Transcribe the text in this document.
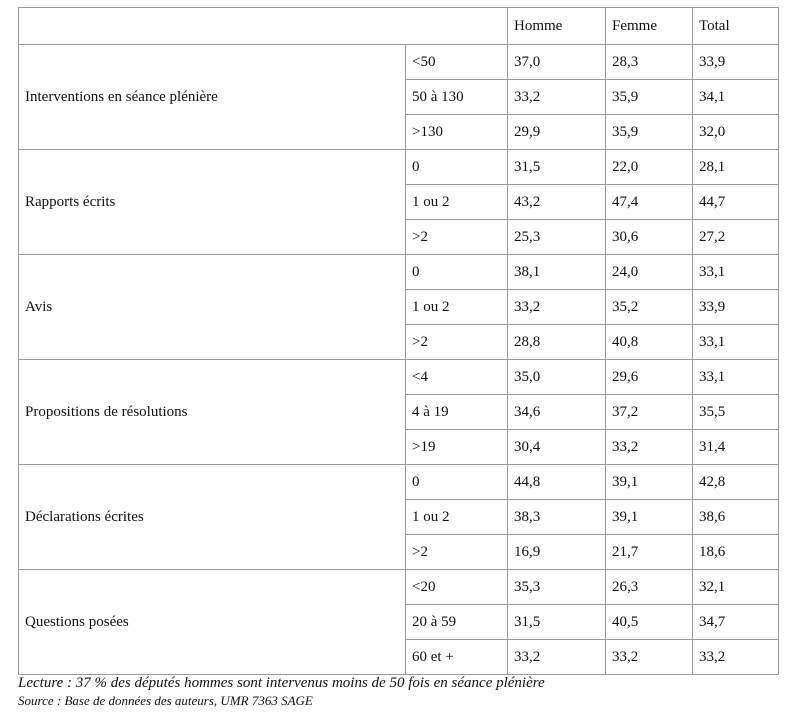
		Homme	Femme	Total
Interventions en séance plénière	<50	37,0	28,3	33,9
	50 à 130	33,2	35,9	34,1
	>130	29,9	35,9	32,0
Rapports écrits	0	31,5	22,0	28,1
	1 ou 2	43,2	47,4	44,7
	>2	25,3	30,6	27,2
Avis	0	38,1	24,0	33,1
	1 ou 2	33,2	35,2	33,9
	>2	28,8	40,8	33,1
Propositions de résolutions	<4	35,0	29,6	33,1
	4 à 19	34,6	37,2	35,5
	>19	30,4	33,2	31,4
Déclarations écrites	0	44,8	39,1	42,8
	1 ou 2	38,3	39,1	38,6
	>2	16,9	21,7	18,6
Questions posées	<20	35,3	26,3	32,1
	20 à 59	31,5	40,5	34,7
	60 et +	33,2	33,2	33,2
Lecture : 37 % des députés hommes sont intervenus moins de 50 fois en séance plénière
Source : Base de données des auteurs, UMR 7363 SAGE
